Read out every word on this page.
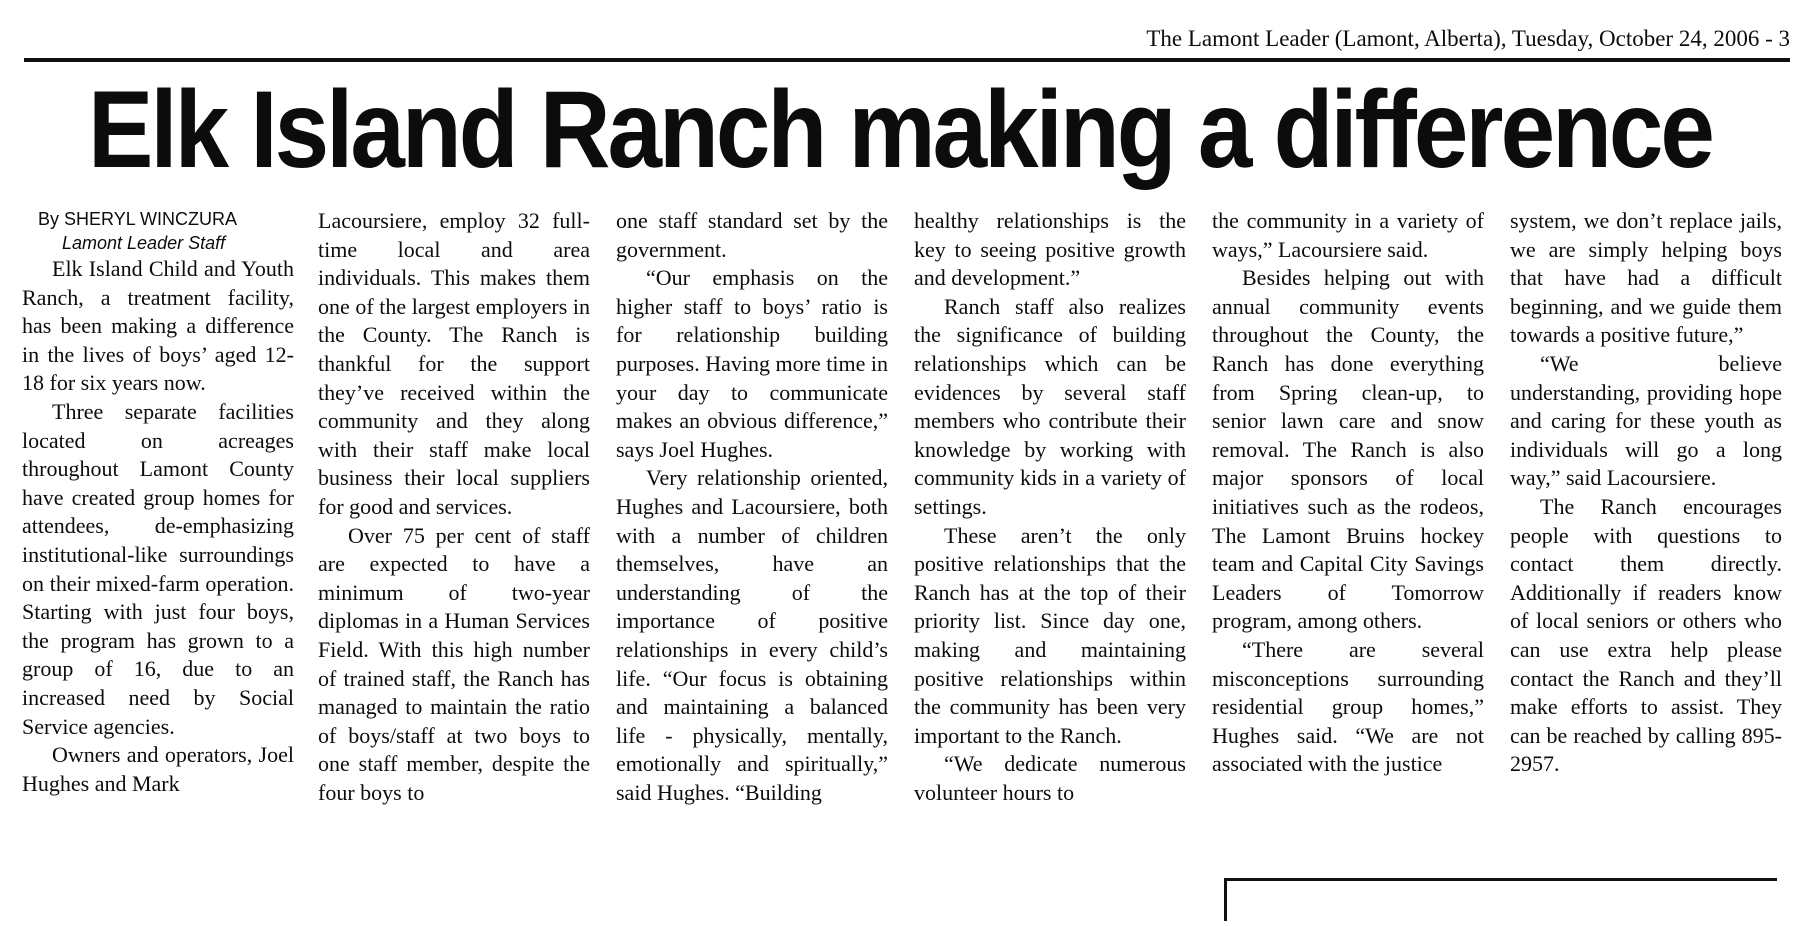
The Lamont Leader (Lamont, Alberta), Tuesday, October 24, 2006 - 3
Elk Island Ranch making a difference
By SHERYL WINCZURA
Lamont Leader Staff

Elk Island Child and Youth Ranch, a treatment facility, has been making a difference in the lives of boys’ aged 12-18 for six years now.

Three separate facilities located on acreages throughout Lamont County have created group homes for attendees, de-emphasizing institutional-like surroundings on their mixed-farm operation. Starting with just four boys, the program has grown to a group of 16, due to an increased need by Social Service agencies.

Owners and operators, Joel Hughes and Mark

Lacoursiere, employ 32 full-time local and area individuals. This makes them one of the largest employers in the County. The Ranch is thankful for the support they’ve received within the community and they along with their staff make local business their local suppliers for good and services.

Over 75 per cent of staff are expected to have a minimum of two-year diplomas in a Human Services Field. With this high number of trained staff, the Ranch has managed to maintain the ratio of boys/staff at two boys to one staff member, despite the four boys to

one staff standard set by the government.

“Our emphasis on the higher staff to boys’ ratio is for relationship building purposes. Having more time in your day to communicate makes an obvious difference,” says Joel Hughes.

Very relationship oriented, Hughes and Lacoursiere, both with a number of children themselves, have an understanding of the importance of positive relationships in every child’s life. “Our focus is obtaining and maintaining a balanced life - physically, mentally, emotionally and spiritually,” said Hughes. “Building

healthy relationships is the key to seeing positive growth and development.”

Ranch staff also realizes the significance of building relationships which can be evidences by several staff members who contribute their knowledge by working with community kids in a variety of settings.

These aren’t the only positive relationships that the Ranch has at the top of their priority list. Since day one, making and maintaining positive relationships within the community has been very important to the Ranch.

“We dedicate numerous volunteer hours to

the community in a variety of ways,” Lacoursiere said.

Besides helping out with annual community events throughout the County, the Ranch has done everything from Spring clean-up, to senior lawn care and snow removal. The Ranch is also major sponsors of local initiatives such as the rodeos, The Lamont Bruins hockey team and Capital City Savings Leaders of Tomorrow program, among others.

“There are several misconceptions surrounding residential group homes,” Hughes said. “We are not associated with the justice

system, we don’t replace jails, we are simply helping boys that have had a difficult beginning, and we guide them towards a positive future,”

“We believe understanding, providing hope and caring for these youth as individuals will go a long way,” said Lacoursiere.

The Ranch encourages people with questions to contact them directly. Additionally if readers know of local seniors or others who can use extra help please contact the Ranch and they’ll make efforts to assist. They can be reached by calling 895-2957.
